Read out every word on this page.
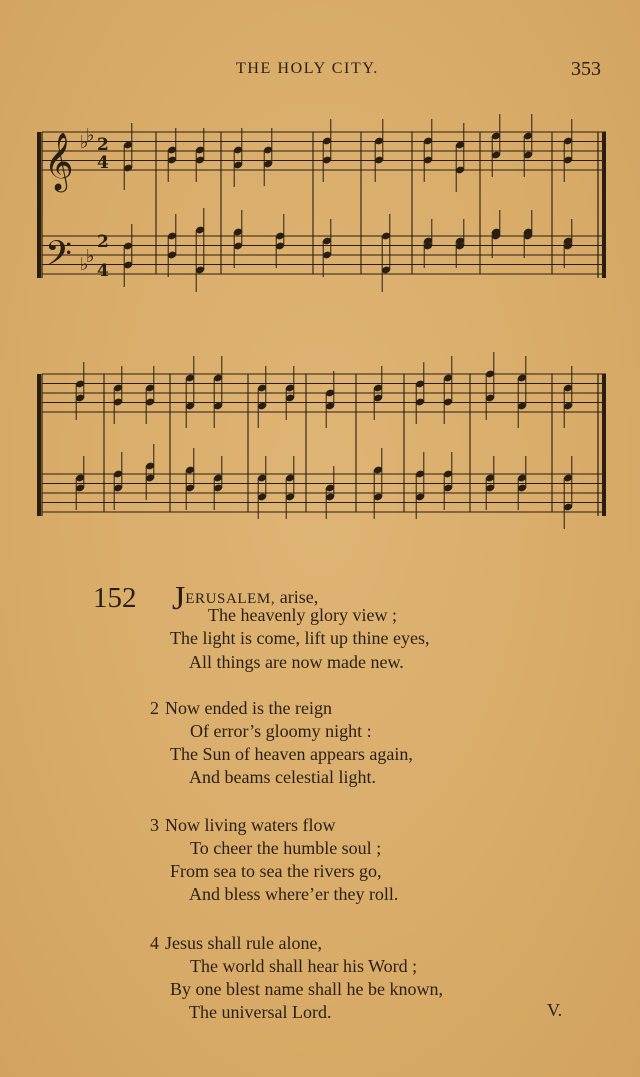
THE HOLY CITY.	353
𝄞
𝄢
♭
♭
♭
♭
2
4
2
4
152 JERUSALEM, arise,
The heavenly glory view ;
The light is come, lift up thine eyes,
All things are now made new.
2 Now ended is the reign
Of error’s gloomy night :
The Sun of heaven appears again,
And beams celestial light.
3 Now living waters flow
To cheer the humble soul ;
From sea to sea the rivers go,
And bless where’er they roll.
4 Jesus shall rule alone,
The world shall hear his Word ;
By one blest name shall he be known,
The universal Lord.	V.
